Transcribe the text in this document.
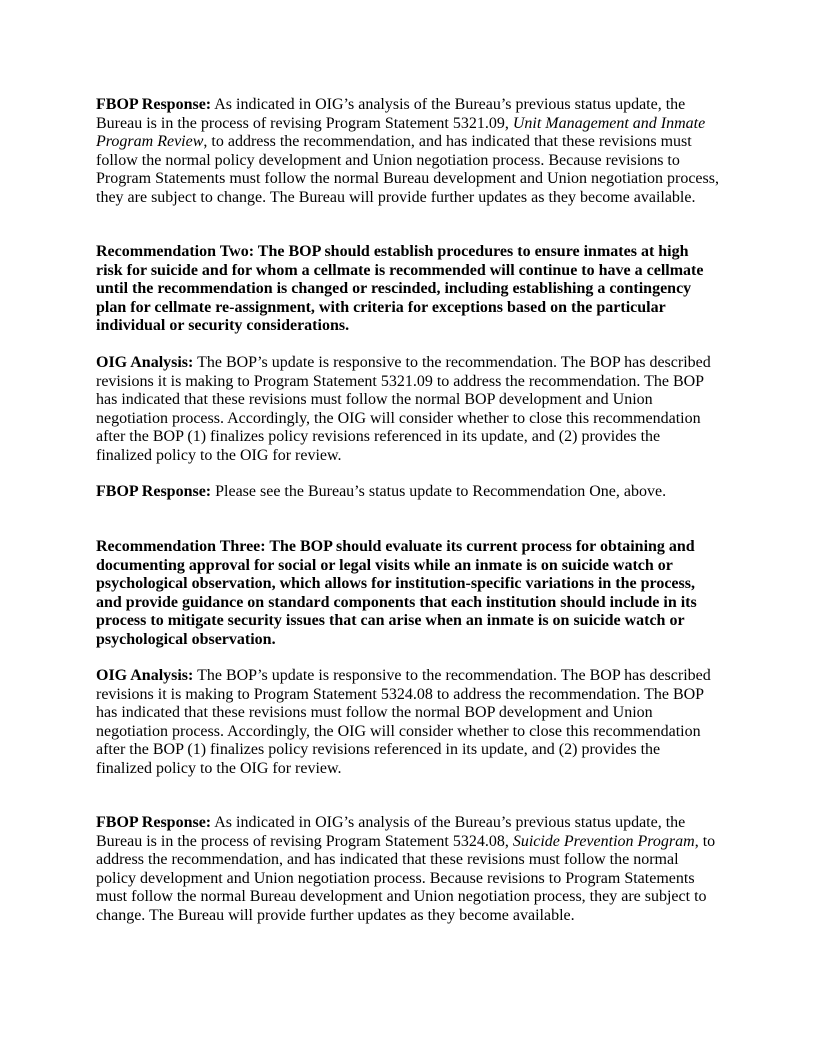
FBOP Response: As indicated in OIG’s analysis of the Bureau’s previous status update, the
Bureau is in the process of revising Program Statement 5321.09, Unit Management and Inmate
Program Review, to address the recommendation, and has indicated that these revisions must
follow the normal policy development and Union negotiation process. Because revisions to
Program Statements must follow the normal Bureau development and Union negotiation process,
they are subject to change. The Bureau will provide further updates as they become available.
Recommendation Two: The BOP should establish procedures to ensure inmates at high
risk for suicide and for whom a cellmate is recommended will continue to have a cellmate
until the recommendation is changed or rescinded, including establishing a contingency
plan for cellmate re-assignment, with criteria for exceptions based on the particular
individual or security considerations.
OIG Analysis: The BOP’s update is responsive to the recommendation. The BOP has described
revisions it is making to Program Statement 5321.09 to address the recommendation. The BOP
has indicated that these revisions must follow the normal BOP development and Union
negotiation process. Accordingly, the OIG will consider whether to close this recommendation
after the BOP (1) finalizes policy revisions referenced in its update, and (2) provides the
finalized policy to the OIG for review.
FBOP Response: Please see the Bureau’s status update to Recommendation One, above.
Recommendation Three: The BOP should evaluate its current process for obtaining and
documenting approval for social or legal visits while an inmate is on suicide watch or
psychological observation, which allows for institution-specific variations in the process,
and provide guidance on standard components that each institution should include in its
process to mitigate security issues that can arise when an inmate is on suicide watch or
psychological observation.
OIG Analysis: The BOP’s update is responsive to the recommendation. The BOP has described
revisions it is making to Program Statement 5324.08 to address the recommendation. The BOP
has indicated that these revisions must follow the normal BOP development and Union
negotiation process. Accordingly, the OIG will consider whether to close this recommendation
after the BOP (1) finalizes policy revisions referenced in its update, and (2) provides the
finalized policy to the OIG for review.
FBOP Response: As indicated in OIG’s analysis of the Bureau’s previous status update, the
Bureau is in the process of revising Program Statement 5324.08, Suicide Prevention Program, to
address the recommendation, and has indicated that these revisions must follow the normal
policy development and Union negotiation process. Because revisions to Program Statements
must follow the normal Bureau development and Union negotiation process, they are subject to
change. The Bureau will provide further updates as they become available.
